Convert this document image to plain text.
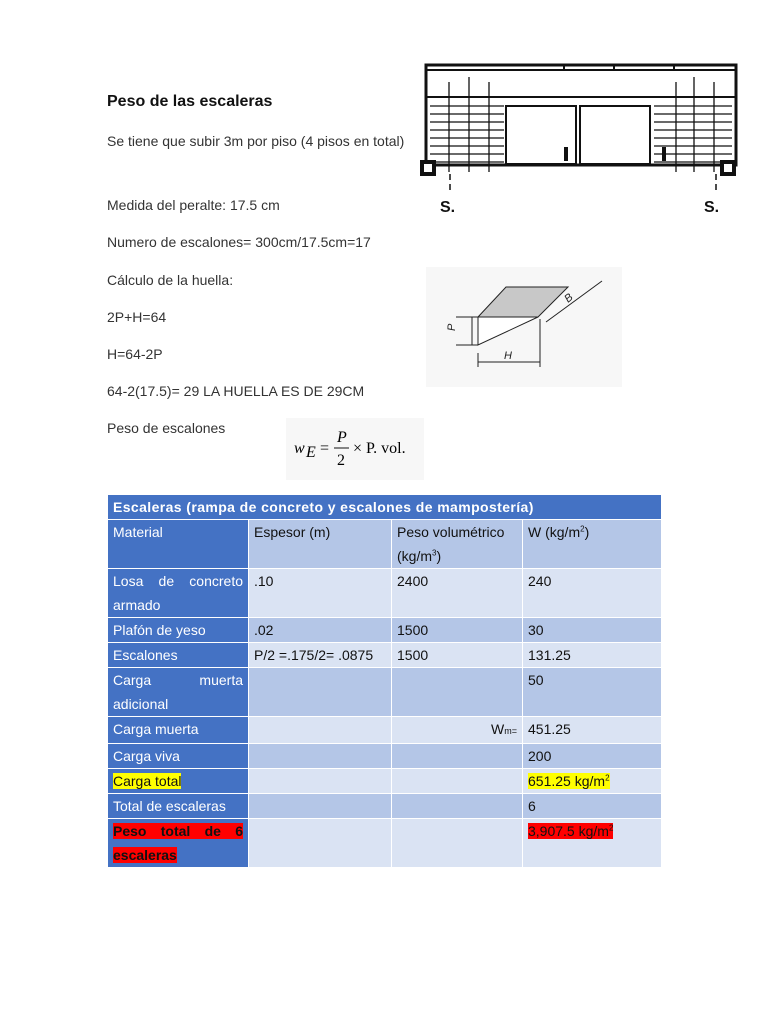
Peso de las escaleras
Se tiene que subir 3m por piso (4 pisos en total)
Medida del peralte: 17.5 cm
Numero de escalones= 300cm/17.5cm=17
Cálculo de la huella:
2P+H=64
H=64-2P
64-2(17.5)= 29 LA HUELLA ES DE 29CM
Peso de escalones
S.	S.
P
H
B
w E =
P
2
× P. vol.
Escaleras (rampa de concreto y escalones de mampostería)			
Material	Espesor (m)	Peso volumétrico $(kg/m^3)$	W $(kg/m^2)$
Losa de concreto armado	.10	2400	240
Plafón de yeso	.02	1500	30
Escalones	P/2 =.175/2= .0875	1500	131.25
Carga muerta adicional			50
Carga muerta		Wm=	451.25
Carga viva			200
Carga total			651.25 $kg/m^2$
Total de escaleras			6
Peso total de 6 escaleras			3,907.5 $kg/m^2$
